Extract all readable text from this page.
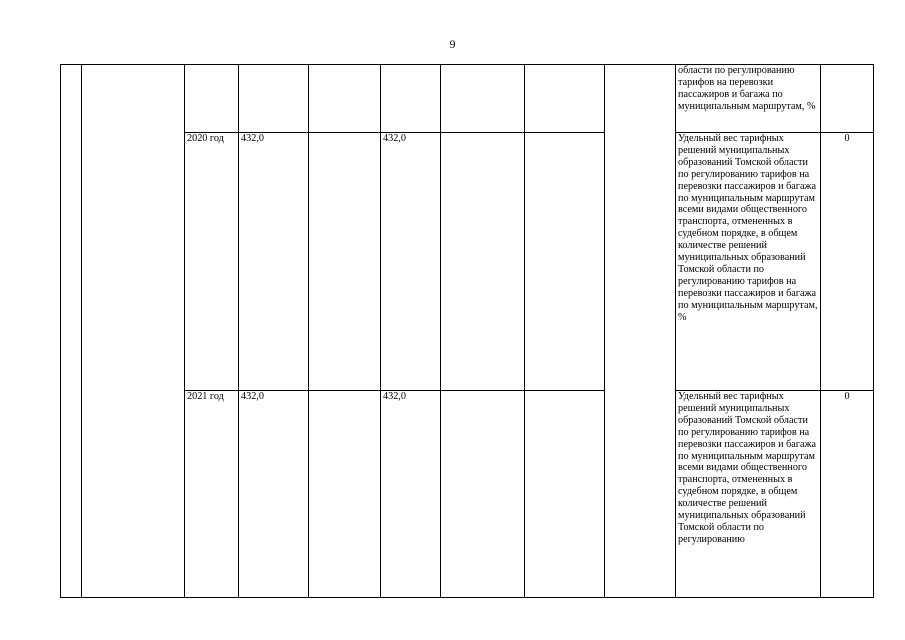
9
									области по регулированию тарифов на перевозки пассажиров и багажа по муниципальным маршрутам, %	
		2020 год	432,0		432,0				Удельный вес тарифных решений муниципальных образований Томской области по регулированию тарифов на перевозки пассажиров и багажа по муниципальным маршрутам всеми видами общественного транспорта, отмененных в судебном порядке, в общем количестве решений муниципальных образований Томской области по регулированию тарифов на перевозки пассажиров и багажа по муниципальным маршрутам, %	0
		2021 год	432,0		432,0				Удельный вес тарифных решений муниципальных образований Томской области по регулированию тарифов на перевозки пассажиров и багажа по муниципальным маршрутам всеми видами общественного транспорта, отмененных в судебном порядке, в общем количестве решений муниципальных образований Томской области по регулированию	0
